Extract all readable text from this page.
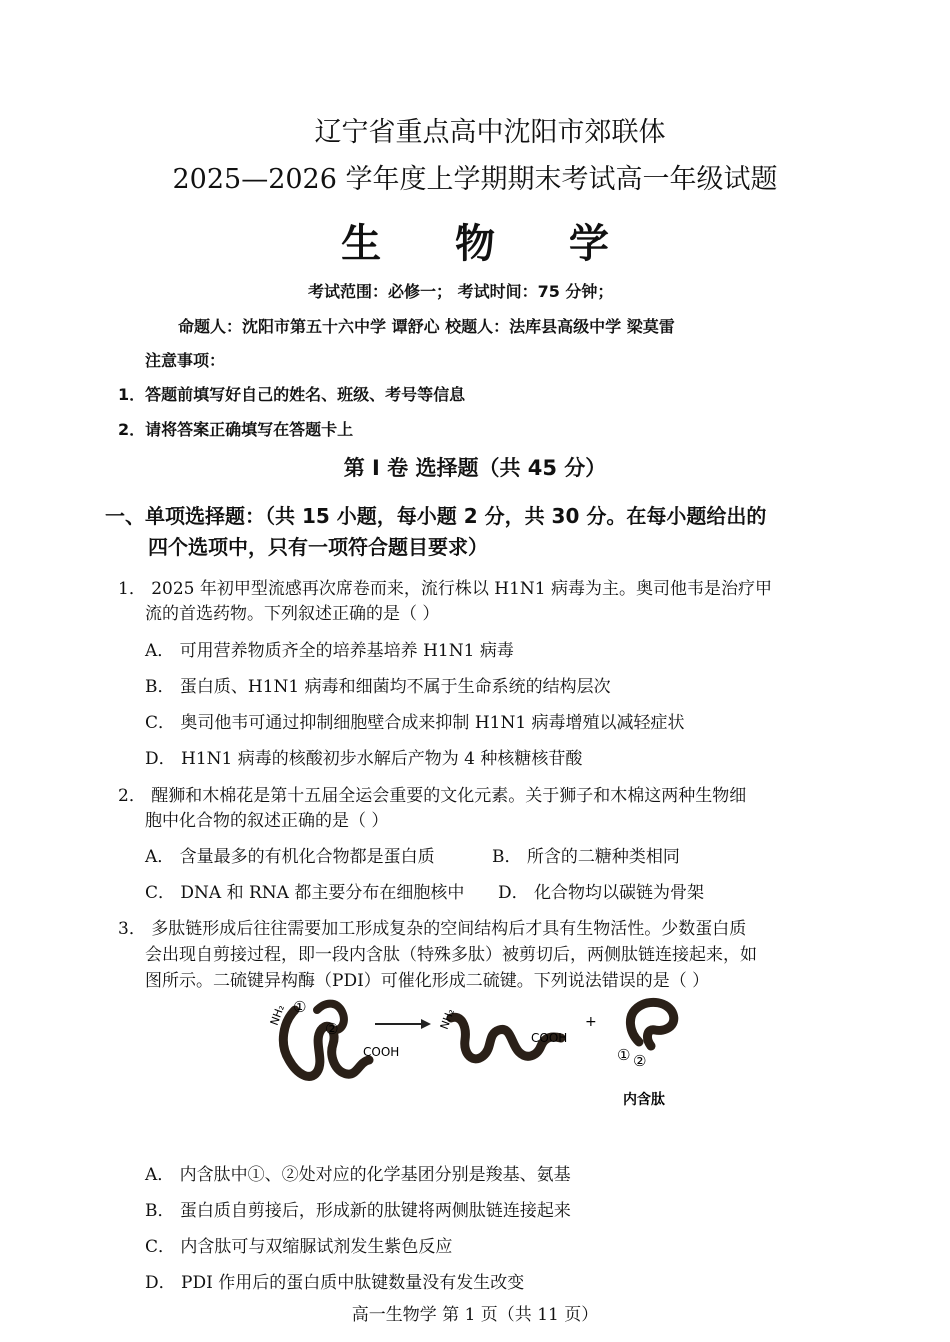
辽宁省重点高中沈阳市郊联体
2025—2026 学年度上学期期末考试高一年级试题
生 物 学
考试范围：必修一； 考试时间：75 分钟；
命题人：沈阳市第五十六中学 谭舒心 校题人：法库县高级中学 梁莫雷
注意事项：
1．答题前填写好自己的姓名、班级、考号等信息
2．请将答案正确填写在答题卡上
第 Ⅰ 卷 选择题（共 45 分）
一、单项选择题：（共 15 小题，每小题 2 分，共 30 分。在每小题给出的
四个选项中，只有一项符合题目要求）
1． 2025 年初甲型流感再次席卷而来，流行株以 H1N1 病毒为主。奥司他韦是治疗甲
流的首选药物。下列叙述正确的是（ ）
A． 可用营养物质齐全的培养基培养 H1N1 病毒
B． 蛋白质、H1N1 病毒和细菌均不属于生命系统的结构层次
C． 奥司他韦可通过抑制细胞壁合成来抑制 H1N1 病毒增殖以减轻症状
D． H1N1 病毒的核酸初步水解后产物为 4 种核糖核苷酸
2． 醒狮和木棉花是第十五届全运会重要的文化元素。关于狮子和木棉这两种生物细
胞中化合物的叙述正确的是（ ）
A． 含量最多的有机化合物都是蛋白质	B． 所含的二糖种类相同
C． DNA 和 RNA 都主要分布在细胞核中 D． 化合物均以碳链为骨架
3． 多肽链形成后往往需要加工形成复杂的空间结构后才具有生物活性。少数蛋白质
会出现自剪接过程，即一段内含肽（特殊多肽）被剪切后，两侧肽链连接起来，如
图所示。二硫键异构酶（PDI）可催化形成二硫键。下列说法错误的是（ ）
NH₂ ①
②
COOH
NH₂
COOH
+
① ②
内含肽
A． 内含肽中①、②处对应的化学基团分别是羧基、氨基
B． 蛋白质自剪接后，形成新的肽键将两侧肽链连接起来
C． 内含肽可与双缩脲试剂发生紫色反应
D． PDI 作用后的蛋白质中肽键数量没有发生改变
高一生物学 第 1 页（共 11 页）
